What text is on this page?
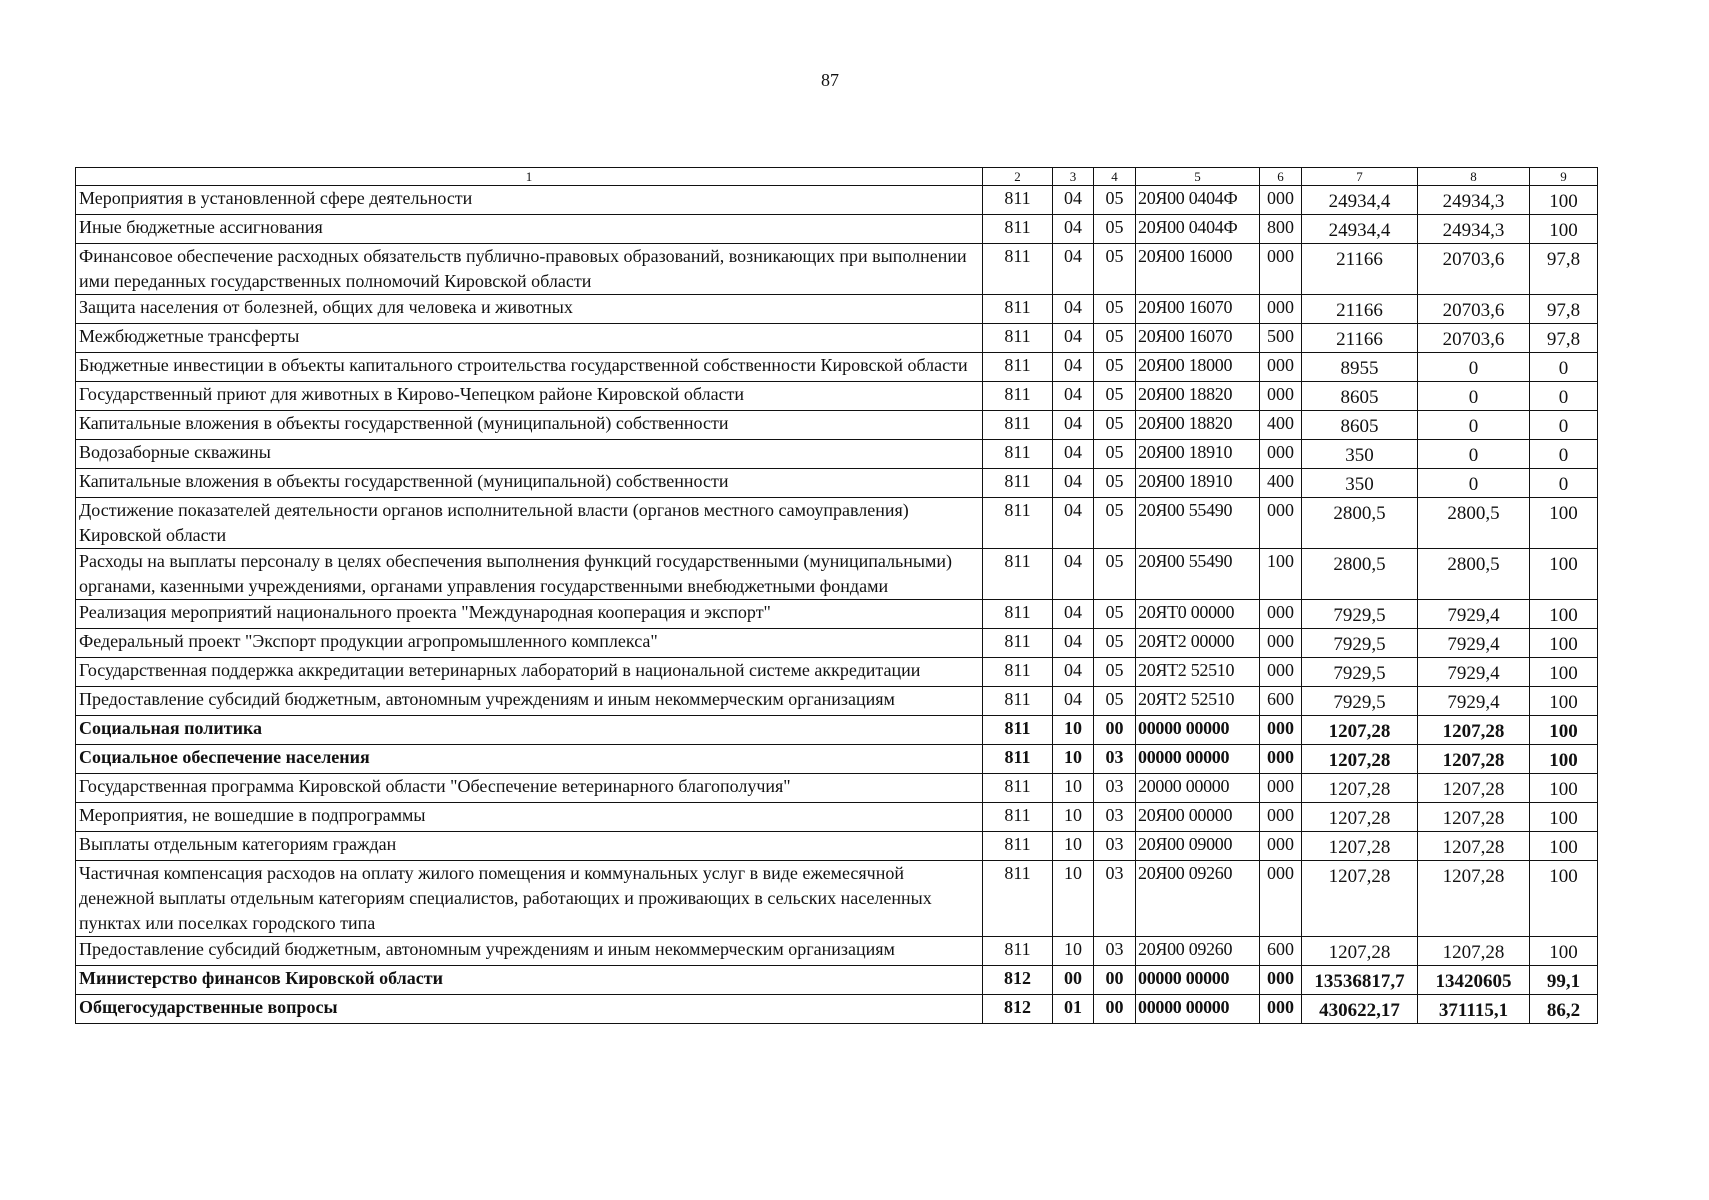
87
1	2	3	4	5	6	7	8	9
Мероприятия в установленной сфере деятельности	811	04	05	20Я00 0404Ф	000	24934,4	24934,3	100
Иные бюджетные ассигнования	811	04	05	20Я00 0404Ф	800	24934,4	24934,3	100
Финансовое обеспечение расходных обязательств публично-правовых образований, возникающих при выполнении ими переданных государственных полномочий Кировской области	811	04	05	20Я00 16000	000	21166	20703,6	97,8
Защита населения от болезней, общих для человека и животных	811	04	05	20Я00 16070	000	21166	20703,6	97,8
Межбюджетные трансферты	811	04	05	20Я00 16070	500	21166	20703,6	97,8
Бюджетные инвестиции в объекты капитального строительства государственной собственности Кировской области	811	04	05	20Я00 18000	000	8955	0	0
Государственный приют для животных в Кирово-Чепецком районе Кировской области	811	04	05	20Я00 18820	000	8605	0	0
Капитальные вложения в объекты государственной (муниципальной) собственности	811	04	05	20Я00 18820	400	8605	0	0
Водозаборные скважины	811	04	05	20Я00 18910	000	350	0	0
Капитальные вложения в объекты государственной (муниципальной) собственности	811	04	05	20Я00 18910	400	350	0	0
Достижение показателей деятельности органов исполнительной власти (органов местного самоуправления) Кировской области	811	04	05	20Я00 55490	000	2800,5	2800,5	100
Расходы на выплаты персоналу в целях обеспечения выполнения функций государственными (муниципальными) органами, казенными учреждениями, органами управления государственными внебюджетными фондами	811	04	05	20Я00 55490	100	2800,5	2800,5	100
Реализация мероприятий национального проекта "Международная кооперация и экспорт"	811	04	05	20ЯТ0 00000	000	7929,5	7929,4	100
Федеральный проект "Экспорт продукции агропромышленного комплекса"	811	04	05	20ЯТ2 00000	000	7929,5	7929,4	100
Государственная поддержка аккредитации ветеринарных лабораторий в национальной системе аккредитации	811	04	05	20ЯТ2 52510	000	7929,5	7929,4	100
Предоставление субсидий бюджетным, автономным учреждениям и иным некоммерческим организациям	811	04	05	20ЯТ2 52510	600	7929,5	7929,4	100
Социальная политика	811	10	00	00000 00000	000	1207,28	1207,28	100
Социальное обеспечение населения	811	10	03	00000 00000	000	1207,28	1207,28	100
Государственная программа Кировской области "Обеспечение ветеринарного благополучия"	811	10	03	20000 00000	000	1207,28	1207,28	100
Мероприятия, не вошедшие в подпрограммы	811	10	03	20Я00 00000	000	1207,28	1207,28	100
Выплаты отдельным категориям граждан	811	10	03	20Я00 09000	000	1207,28	1207,28	100
Частичная компенсация расходов на оплату жилого помещения и коммунальных услуг в виде ежемесячной денежной выплаты отдельным категориям специалистов, работающих и проживающих в сельских населенных пунктах или поселках городского типа	811	10	03	20Я00 09260	000	1207,28	1207,28	100
Предоставление субсидий бюджетным, автономным учреждениям и иным некоммерческим организациям	811	10	03	20Я00 09260	600	1207,28	1207,28	100
Министерство финансов Кировской области	812	00	00	00000 00000	000	13536817,7	13420605	99,1
Общегосударственные вопросы	812	01	00	00000 00000	000	430622,17	371115,1	86,2
